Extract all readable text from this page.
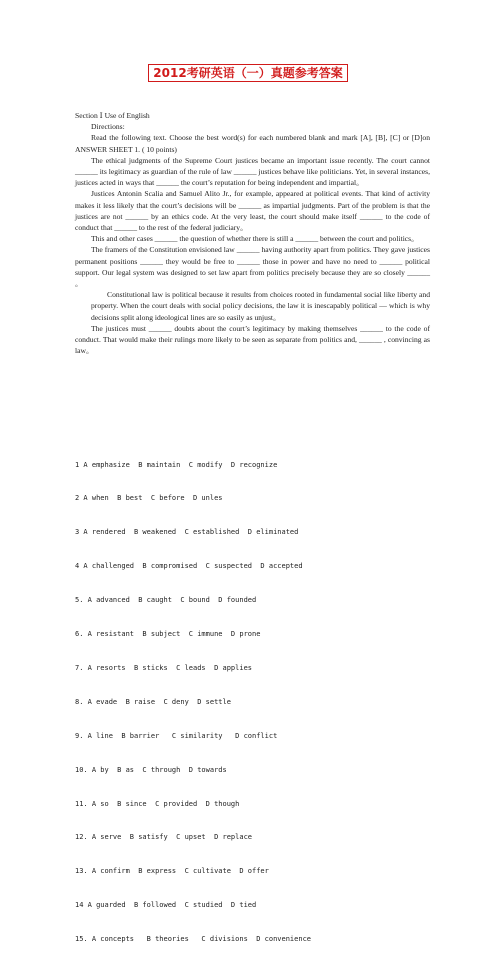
2012考研英语（一）真题参考答案

Section Ⅰ Use of English

Directions:

Read the following text. Choose the best word(s) for each numbered blank and mark [A], [B], [C] or [D]on ANSWER SHEET 1. ( 10 points)

The ethical judgments of the Supreme Court justices became an important issue recently. The court cannot ______ its legitimacy as guardian of the rule of law ______ justices behave like politicians. Yet, in several instances, justices acted in ways that ______ the court’s reputation for being independent and impartial。

Justices Antonin Scalia and Samuel Alito Jr., for example, appeared at political events. That kind of activity makes it less likely that the court’s decisions will be ______ as impartial judgments. Part of the problem is that the justices are not ______ by an ethics code. At the very least, the court should make itself ______ to the code of conduct that ______ to the rest of the federal judiciary。

This and other cases ______ the question of whether there is still a ______ between the court and politics。

The framers of the Constitution envisioned law ______ having authority apart from politics. They gave justices permanent positions ______ they would be free to ______ those in power and have no need to ______ political support. Our legal system was designed to set law apart from politics precisely because they are so closely ______ 。

Constitutional law is political because it results from choices rooted in fundamental social like liberty and property. When the court deals with social policy decisions, the law it is inescapably political — which is why decisions split along ideological lines are so easily as unjust。

The justices must ______ doubts about the court’s legitimacy by making themselves ______ to the code of conduct. That would make their rulings more likely to be seen as separate from politics and, ______ , convincing as law。

1 A emphasize  B maintain  C modify  D recognize

2 A when  B best  C before  D unles

3 A rendered  B weakened  C established  D eliminated

4 A challenged  B compromised  C suspected  D accepted

5. A advanced  B caught  C bound  D founded

6. A resistant  B subject  C immune  D prone

7. A resorts  B sticks  C leads  D applies

8. A evade  B raise  C deny  D settle

9. A line  B barrier   C similarity   D conflict

10. A by  B as  C through  D towards

11. A so  B since  C provided  D though

12. A serve  B satisfy  C upset  D replace

13. A confirm  B express  C cultivate  D offer

14 A guarded  B followed  C studied  D tied

15. A concepts   B theories   C divisions  D convenience
